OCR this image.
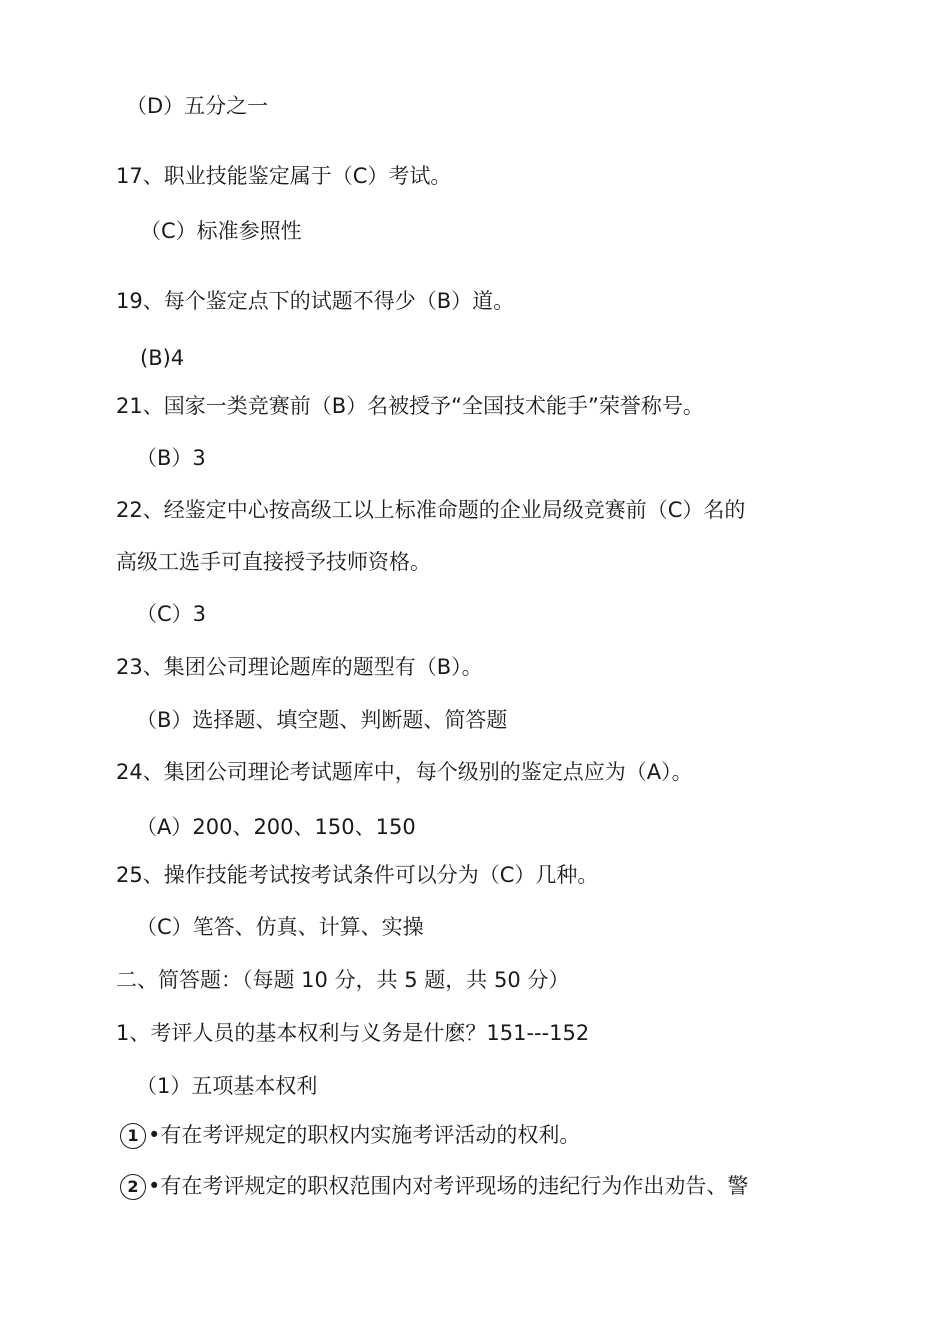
（D）五分之一
17、职业技能鉴定属于（C）考试。
（C）标准参照性
19、每个鉴定点下的试题不得少（B）道。
(B)4
21、国家一类竞赛前（B）名被授予“全国技术能手”荣誉称号。
（B）3
22、经鉴定中心按高级工以上标准命题的企业局级竞赛前（C）名的
高级工选手可直接授予技师资格。
（C）3
23、集团公司理论题库的题型有（B）。
（B）选择题、填空题、判断题、简答题
24、集团公司理论考试题库中，每个级别的鉴定点应为（A）。
（A）200、200、150、150
25、操作技能考试按考试条件可以分为（C）几种。
（C）笔答、仿真、计算、实操
二、简答题：（每题 10 分，共 5 题，共 50 分）
1、考评人员的基本权利与义务是什麽？151---152
（1）五项基本权利
1 •有在考评规定的职权内实施考评活动的权利。
2 •有在考评规定的职权范围内对考评现场的违纪行为作出劝告、警
